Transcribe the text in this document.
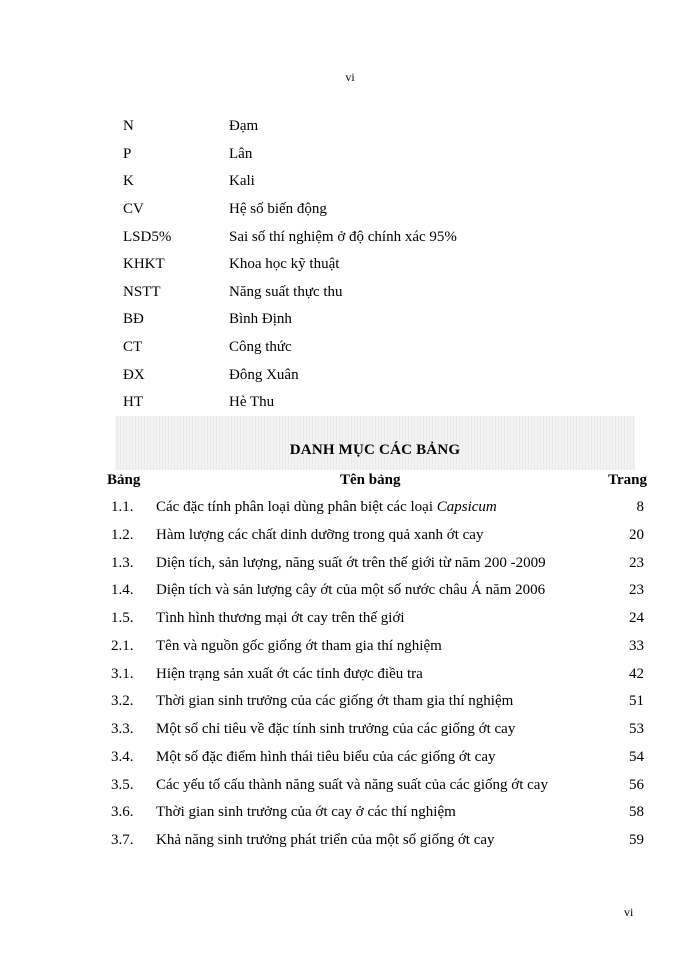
vi
N	Đạm
P	Lân
K	Kali
CV	Hệ số biến động
LSD5%	Sai số thí nghiệm ở độ chính xác 95%
KHKT	Khoa học kỹ thuật
NSTT	Năng suất thực thu
BĐ	Bình Định
CT	Công thức
ĐX	Đông Xuân
HT	Hè Thu
DANH MỤC CÁC BẢNG
Bảng	Tên bảng	Trang
1.1. Các đặc tính phân loại dùng phân biệt các loại Capsicum	8
1.2. Hàm lượng các chất dinh dưỡng trong quả xanh ớt cay	20
1.3. Diện tích, sản lượng, năng suất ớt trên thế giới từ năm 200 -2009	23
1.4. Diện tích và sản lượng cây ớt của một số nước châu Á năm 2006	23
1.5. Tình hình thương mại ớt cay trên thế giới	24
2.1. Tên và nguồn gốc giống ớt tham gia thí nghiệm	33
3.1. Hiện trạng sản xuất ớt các tỉnh được điều tra	42
3.2. Thời gian sinh trưởng của các giống ớt tham gia thí nghiệm	51
3.3. Một số chỉ tiêu về đặc tính sinh trưởng của các giống ớt cay	53
3.4. Một số đặc điểm hình thái tiêu biểu của các giống ớt cay	54
3.5. Các yếu tố cấu thành năng suất và năng suất của các giống ớt cay	56
3.6. Thời gian sinh trưởng của ớt cay ở các thí nghiệm	58
3.7. Khả năng sinh trưởng phát triển của một số giống ớt cay	59
vi
